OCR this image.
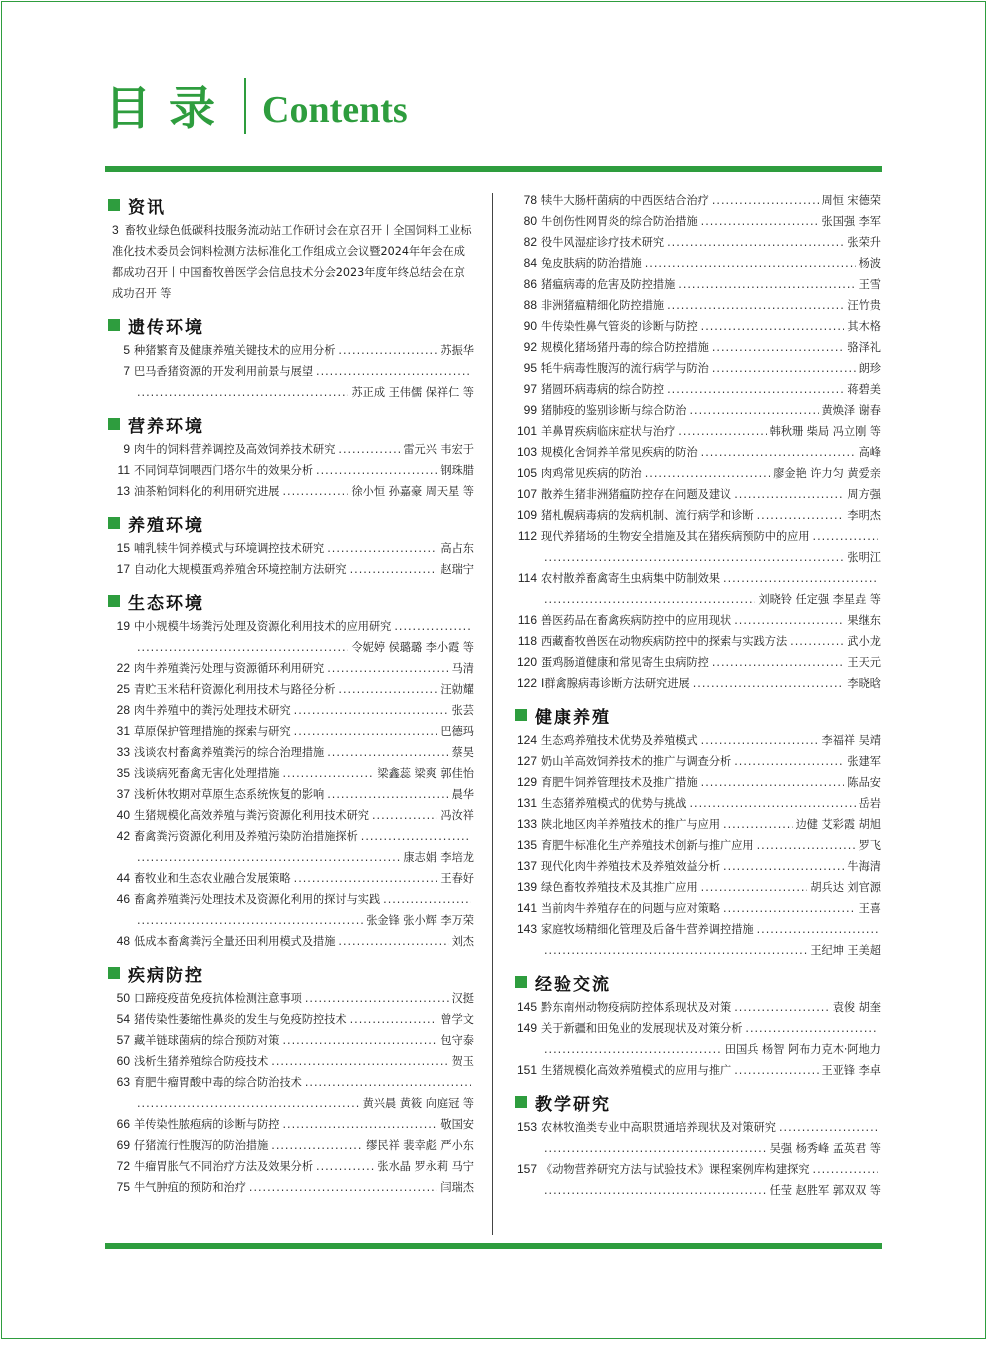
目录 Contents
资讯
3 畜牧业绿色低碳科技服务流动站工作研讨会在京召开丨全国饲料工业标准化技术委员会饲料检测方法标准化工作组成立会议暨2024年年会在成都成功召开丨中国畜牧兽医学会信息技术分会2023年度年终总结会在京成功召开 等
遗传环境
5 种猪繁育及健康养殖关键技术的应用分析 .....	苏振华
7 巴马香猪资源的开发利用前景与展望
.....
.....
苏正成 王伟儒 保祥仁 等
营养环境
9 肉牛的饲料营养调控及高效饲养技术研究 .....	雷元兴 韦宏于
11 不同饲草饲喂西门塔尔牛的效果分析 .....	钢珠腊
13 油茶粕饲料化的利用研究进展 .....	徐小恒 孙嘉豪 周天星 等
养殖环境
15 哺乳犊牛饲养模式与环境调控技术研究 .....	高占东
17 自动化大规模蛋鸡养殖舍环境控制方法研究 .....	赵瑞宁
生态环境
19 中小规模牛场粪污处理及资源化利用技术的应用研究
.....
.....
令妮婷 侯璐璐 李小霞 等
22 肉牛养殖粪污处理与资源循环利用研究 .....	马清
25 青贮玉米秸秆资源化利用技术与路径分析 .....	汪勍耀
28 肉牛养殖中的粪污处理技术研究 .....	张芸
31 草原保护管理措施的探索与研究 .....	巴德玛
33 浅谈农村畜禽养殖粪污的综合治理措施 .....	蔡昊
35 浅谈病死畜禽无害化处理措施 .....	梁鑫蕊 梁爽 郭佳怡
37 浅析休牧期对草原生态系统恢复的影响 .....	晨华
40 生猪规模化高效养殖与粪污资源化利用技术研究 .....	冯汝祥
42 畜禽粪污资源化利用及养殖污染防治措施探析
.....
.....
康志娟 李培龙
44 畜牧业和生态农业融合发展策略 .....	王春好
46 畜禽养殖粪污处理技术及资源化利用的探讨与实践
.....
.....
张金锋 张小辉 李万荣
48 低成本畜禽粪污全量还田利用模式及措施 .....	刘杰
疾病防控
50 口蹄疫疫苗免疫抗体检测注意事项 .....	汉挺
54 猪传染性萎缩性鼻炎的发生与免疫防控技术 .....	曾学文
57 藏羊链球菌病的综合预防对策 .....	包守泰
60 浅析生猪养殖综合防疫技术 .....	贺玉
63 育肥牛瘤胃酸中毒的综合防治技术
.....
.....
黄兴晨 黄筱 向庭冠 等
66 羊传染性脓疱病的诊断与防控 .....	敬国安
69 仔猪流行性腹泻的防治措施 .....	缪民祥 裴幸彪 严小东
72 牛瘤胃胀气不同治疗方法及效果分析 .....	张水晶 罗永莉 马宁
75 牛气肿疽的预防和治疗 .....	闫瑞杰
78 犊牛大肠杆菌病的中西医结合治疗 .....	周恒 宋德荣
80 牛创伤性网胃炎的综合防治措施 .....	张国强 李军
82 役牛风湿症诊疗技术研究 .....	张荣升
84 兔皮肤病的防治措施 .....	杨波
86 猪瘟病毒的危害及防控措施 .....	王雪
88 非洲猪瘟精细化防控措施 .....	汪竹贵
90 牛传染性鼻气管炎的诊断与防控 .....	其木格
92 规模化猪场猪丹毒的综合防控措施 .....	骆泽礼
95 牦牛病毒性腹泻的流行病学与防治 .....	朗珍
97 猪圆环病毒病的综合防控 .....	蒋碧美
99 猪肺疫的鉴别诊断与综合防治 .....	黄焕泽 谢春
101 羊鼻胃疾病临床症状与治疗 .....	韩秋珊 柴局 冯立刚 等
103 规模化舍饲养羊常见疾病的防治 .....	高峰
105 肉鸡常见疾病的防治 .....	廖金艳 许力匀 黄爱亲
107 散养生猪非洲猪瘟防控存在问题及建议 .....	周方强
109 猪札幌病毒病的发病机制、流行病学和诊断 .....	李明杰
112 现代养猪场的生物安全措施及其在猪疾病预防中的应用
.....
.....
张明江
114 农村散养畜禽寄生虫病集中防制效果
.....
.....
刘晓铃 任定强 李星垚 等
116 兽医药品在畜禽疾病防控中的应用现状 .....	果继东
118 西藏畜牧兽医在动物疾病防控中的探索与实践方法 .....	武小龙
120 蛋鸡肠道健康和常见寄生虫病防控 .....	王天元
122 Ⅰ群禽腺病毒诊断方法研究进展 .....	李晓晗
健康养殖
124 生态鸡养殖技术优势及养殖模式 .....	李福祥 吴靖
127 奶山羊高效饲养技术的推广与调查分析 .....	张建军
129 育肥牛饲养管理技术及推广措施 .....	陈品安
131 生态猪养殖模式的优势与挑战 .....	岳岩
133 陕北地区肉羊养殖技术的推广与应用 .....	边健 艾彩霞 胡旭
135 育肥牛标准化生产养殖技术创新与推广应用 .....	罗飞
137 现代化肉牛养殖技术及养殖效益分析 .....	牛海清
139 绿色畜牧养殖技术及其推广应用 .....	胡兵达 刘官源
141 当前肉牛养殖存在的问题与应对策略 .....	王喜
143 家庭牧场精细化管理及后备牛营养调控措施
.....
.....
王纪坤 王美超
经验交流
145 黔东南州动物疫病防控体系现状及对策 .....	袁俊 胡奎
149 关于新疆和田兔业的发展现状及对策分析
.....
.....
田国兵 杨智 阿布力克木·阿地力
151 生猪规模化高效养殖模式的应用与推广 .....	王亚锋 李卓
教学研究
153 农林牧渔类专业中高职贯通培养现状及对策研究
.....
.....
吴强 杨秀峰 孟英君 等
157 《动物营养研究方法与试验技术》课程案例库构建探究
.....
.....
任莹 赵胜军 郭双双 等
